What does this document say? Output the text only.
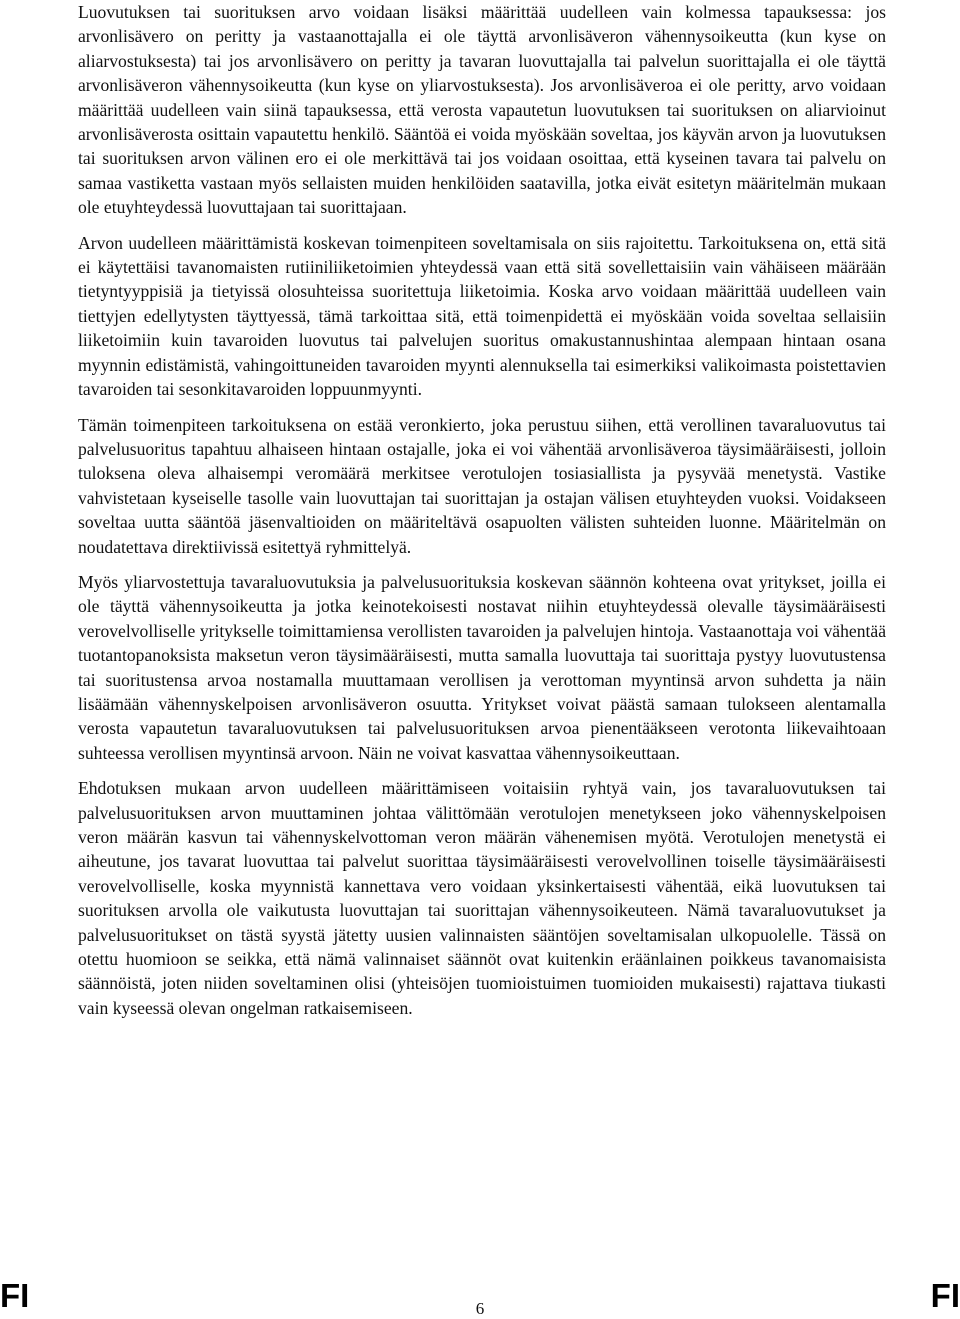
Luovutuksen tai suorituksen arvo voidaan lisäksi määrittää uudelleen vain kolmessa tapauksessa: jos arvonlisävero on peritty ja vastaanottajalla ei ole täyttä arvonlisäveron vähennysoikeutta (kun kyse on aliarvostuksesta) tai jos arvonlisävero on peritty ja tavaran luovuttajalla tai palvelun suorittajalla ei ole täyttä arvonlisäveron vähennysoikeutta (kun kyse on yliarvostuksesta). Jos arvonlisäveroa ei ole peritty, arvo voidaan määrittää uudelleen vain siinä tapauksessa, että verosta vapautetun luovutuksen tai suorituksen on aliarvioinut arvonlisäverosta osittain vapautettu henkilö. Sääntöä ei voida myöskään soveltaa, jos käyvän arvon ja luovutuksen tai suorituksen arvon välinen ero ei ole merkittävä tai jos voidaan osoittaa, että kyseinen tavara tai palvelu on samaa vastiketta vastaan myös sellaisten muiden henkilöiden saatavilla, jotka eivät esitetyn määritelmän mukaan ole etuyhteydessä luovuttajaan tai suorittajaan.

Arvon uudelleen määrittämistä koskevan toimenpiteen soveltamisala on siis rajoitettu. Tarkoituksena on, että sitä ei käytettäisi tavanomaisten rutiiniliiketoimien yhteydessä vaan että sitä sovellettaisiin vain vähäiseen määrään tietyntyyppisiä ja tietyissä olosuhteissa suoritettuja liiketoimia. Koska arvo voidaan määrittää uudelleen vain tiettyjen edellytysten täyttyessä, tämä tarkoittaa sitä, että toimenpidettä ei myöskään voida soveltaa sellaisiin liiketoimiin kuin tavaroiden luovutus tai palvelujen suoritus omakustannushintaa alempaan hintaan osana myynnin edistämistä, vahingoittuneiden tavaroiden myynti alennuksella tai esimerkiksi valikoimasta poistettavien tavaroiden tai sesonkitavaroiden loppuunmyynti.

Tämän toimenpiteen tarkoituksena on estää veronkierto, joka perustuu siihen, että verollinen tavaraluovutus tai palvelusuoritus tapahtuu alhaiseen hintaan ostajalle, joka ei voi vähentää arvonlisäveroa täysimääräisesti, jolloin tuloksena oleva alhaisempi veromäärä merkitsee verotulojen tosiasiallista ja pysyvää menetystä. Vastike vahvistetaan kyseiselle tasolle vain luovuttajan tai suorittajan ja ostajan välisen etuyhteyden vuoksi. Voidakseen soveltaa uutta sääntöä jäsenvaltioiden on määriteltävä osapuolten välisten suhteiden luonne. Määritelmän on noudatettava direktiivissä esitettyä ryhmittelyä.

Myös yliarvostettuja tavaraluovutuksia ja palvelusuorituksia koskevan säännön kohteena ovat yritykset, joilla ei ole täyttä vähennysoikeutta ja jotka keinotekoisesti nostavat niihin etuyhteydessä olevalle täysimääräisesti verovelvolliselle yritykselle toimittamiensa verollisten tavaroiden ja palvelujen hintoja. Vastaanottaja voi vähentää tuotantopanoksista maksetun veron täysimääräisesti, mutta samalla luovuttaja tai suorittaja pystyy luovutustensa tai suoritustensa arvoa nostamalla muuttamaan verollisen ja verottoman myyntinsä arvon suhdetta ja näin lisäämään vähennyskelpoisen arvonlisäveron osuutta. Yritykset voivat päästä samaan tulokseen alentamalla verosta vapautetun tavaraluovutuksen tai palvelusuorituksen arvoa pienentääkseen verotonta liikevaihtoaan suhteessa verollisen myyntinsä arvoon. Näin ne voivat kasvattaa vähennysoikeuttaan.

Ehdotuksen mukaan arvon uudelleen määrittämiseen voitaisiin ryhtyä vain, jos tavaraluovutuksen tai palvelusuorituksen arvon muuttaminen johtaa välittömään verotulojen menetykseen joko vähennyskelpoisen veron määrän kasvun tai vähennyskelvottoman veron määrän vähenemisen myötä. Verotulojen menetystä ei aiheutune, jos tavarat luovuttaa tai palvelut suorittaa täysimääräisesti verovelvollinen toiselle täysimääräisesti verovelvolliselle, koska myynnistä kannettava vero voidaan yksinkertaisesti vähentää, eikä luovutuksen tai suorituksen arvolla ole vaikutusta luovuttajan tai suorittajan vähennysoikeuteen. Nämä tavaraluovutukset ja palvelusuoritukset on tästä syystä jätetty uusien valinnaisten sääntöjen soveltamisalan ulkopuolelle. Tässä on otettu huomioon se seikka, että nämä valinnaiset säännöt ovat kuitenkin eräänlainen poikkeus tavanomaisista säännöistä, joten niiden soveltaminen olisi (yhteisöjen tuomioistuimen tuomioiden mukaisesti) rajattava tiukasti vain kyseessä olevan ongelman ratkaisemiseen.

FI	6	FI
